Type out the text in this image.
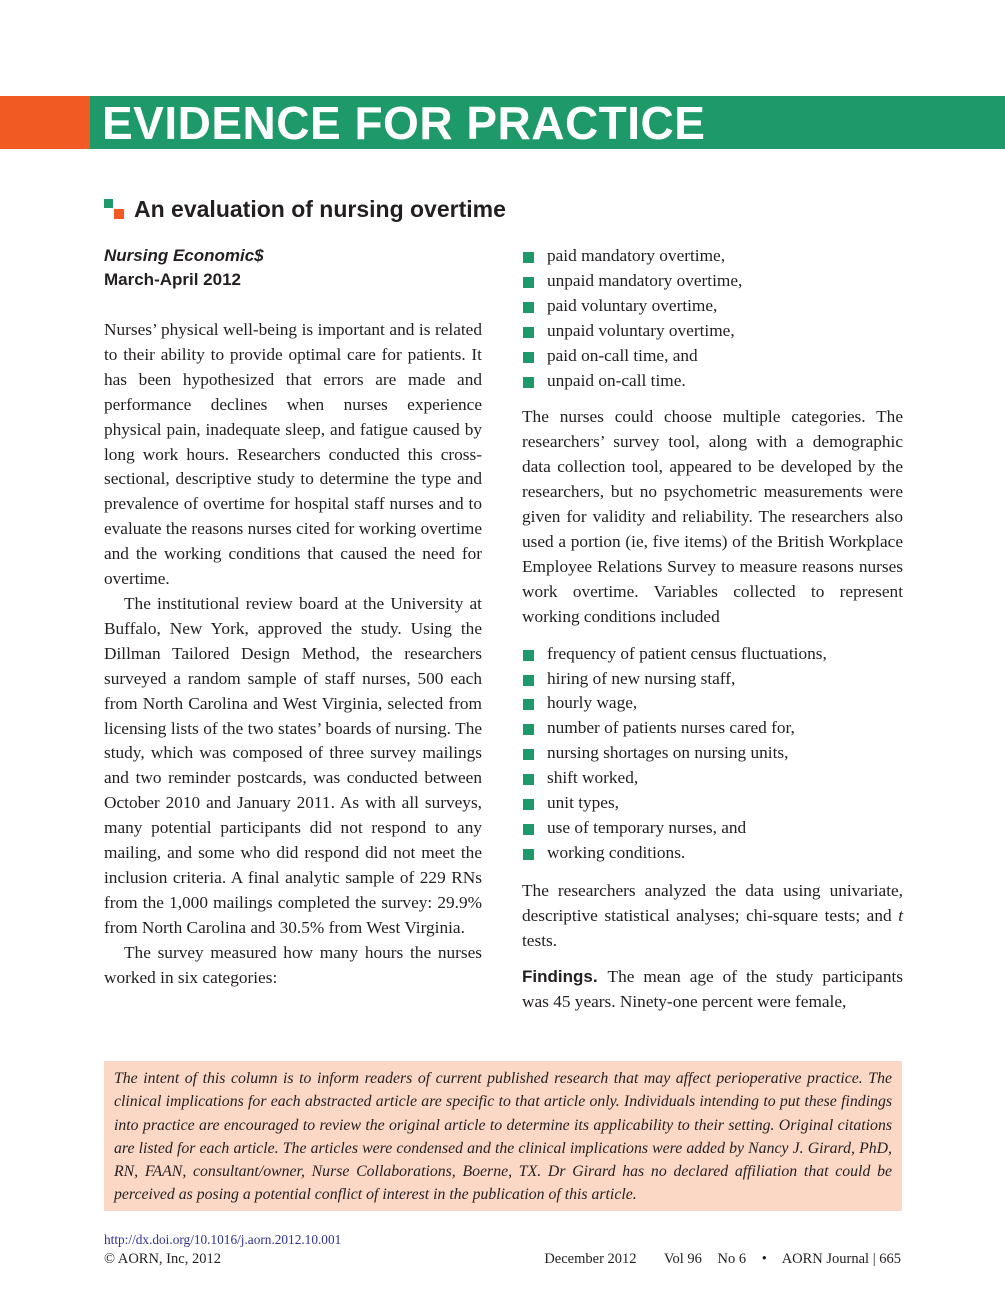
EVIDENCE FOR PRACTICE
An evaluation of nursing overtime
Nursing Economic$
March-April 2012

Nurses’ physical well-being is important and is related to their ability to provide optimal care for patients. It has been hypothesized that errors are made and performance declines when nurses experience physical pain, inadequate sleep, and fatigue caused by long work hours. Researchers conducted this cross-sectional, descriptive study to determine the type and prevalence of overtime for hospital staff nurses and to evaluate the reasons nurses cited for working overtime and the working conditions that caused the need for overtime.

The institutional review board at the University at Buffalo, New York, approved the study. Using the Dillman Tailored Design Method, the researchers surveyed a random sample of staff nurses, 500 each from North Carolina and West Virginia, selected from licensing lists of the two states’ boards of nursing. The study, which was composed of three survey mailings and two reminder postcards, was conducted between October 2010 and January 2011. As with all surveys, many potential participants did not respond to any mailing, and some who did respond did not meet the inclusion criteria. A final analytic sample of 229 RNs from the 1,000 mailings completed the survey: 29.9% from North Carolina and 30.5% from West Virginia.

The survey measured how many hours the nurses worked in six categories:

paid mandatory overtime,
unpaid mandatory overtime,
paid voluntary overtime,
unpaid voluntary overtime,
paid on-call time, and
unpaid on-call time.

The nurses could choose multiple categories. The researchers’ survey tool, along with a demographic data collection tool, appeared to be developed by the researchers, but no psychometric measurements were given for validity and reliability. The researchers also used a portion (ie, five items) of the British Workplace Employee Relations Survey to measure reasons nurses work overtime. Variables collected to represent working conditions included

frequency of patient census fluctuations,
hiring of new nursing staff,
hourly wage,
number of patients nurses cared for,
nursing shortages on nursing units,
shift worked,
unit types,
use of temporary nurses, and
working conditions.

The researchers analyzed the data using univariate, descriptive statistical analyses; chi-square tests; and t tests.

Findings. The mean age of the study participants was 45 years. Ninety-one percent were female,

The intent of this column is to inform readers of current published research that may affect perioperative practice. The clinical implications for each abstracted article are specific to that article only. Individuals intending to put these findings into practice are encouraged to review the original article to determine its applicability to their setting. Original citations are listed for each article. The articles were condensed and the clinical implications were added by Nancy J. Girard, PhD, RN, FAAN, consultant/owner, Nurse Collaborations, Boerne, TX. Dr Girard has no declared affiliation that could be perceived as posing a potential conflict of interest in the publication of this article.
http://dx.doi.org/10.1016/j.aorn.2012.10.001
© AORN, Inc, 2012	December 2012 Vol 96 No 6 • AORN Journal | 665
